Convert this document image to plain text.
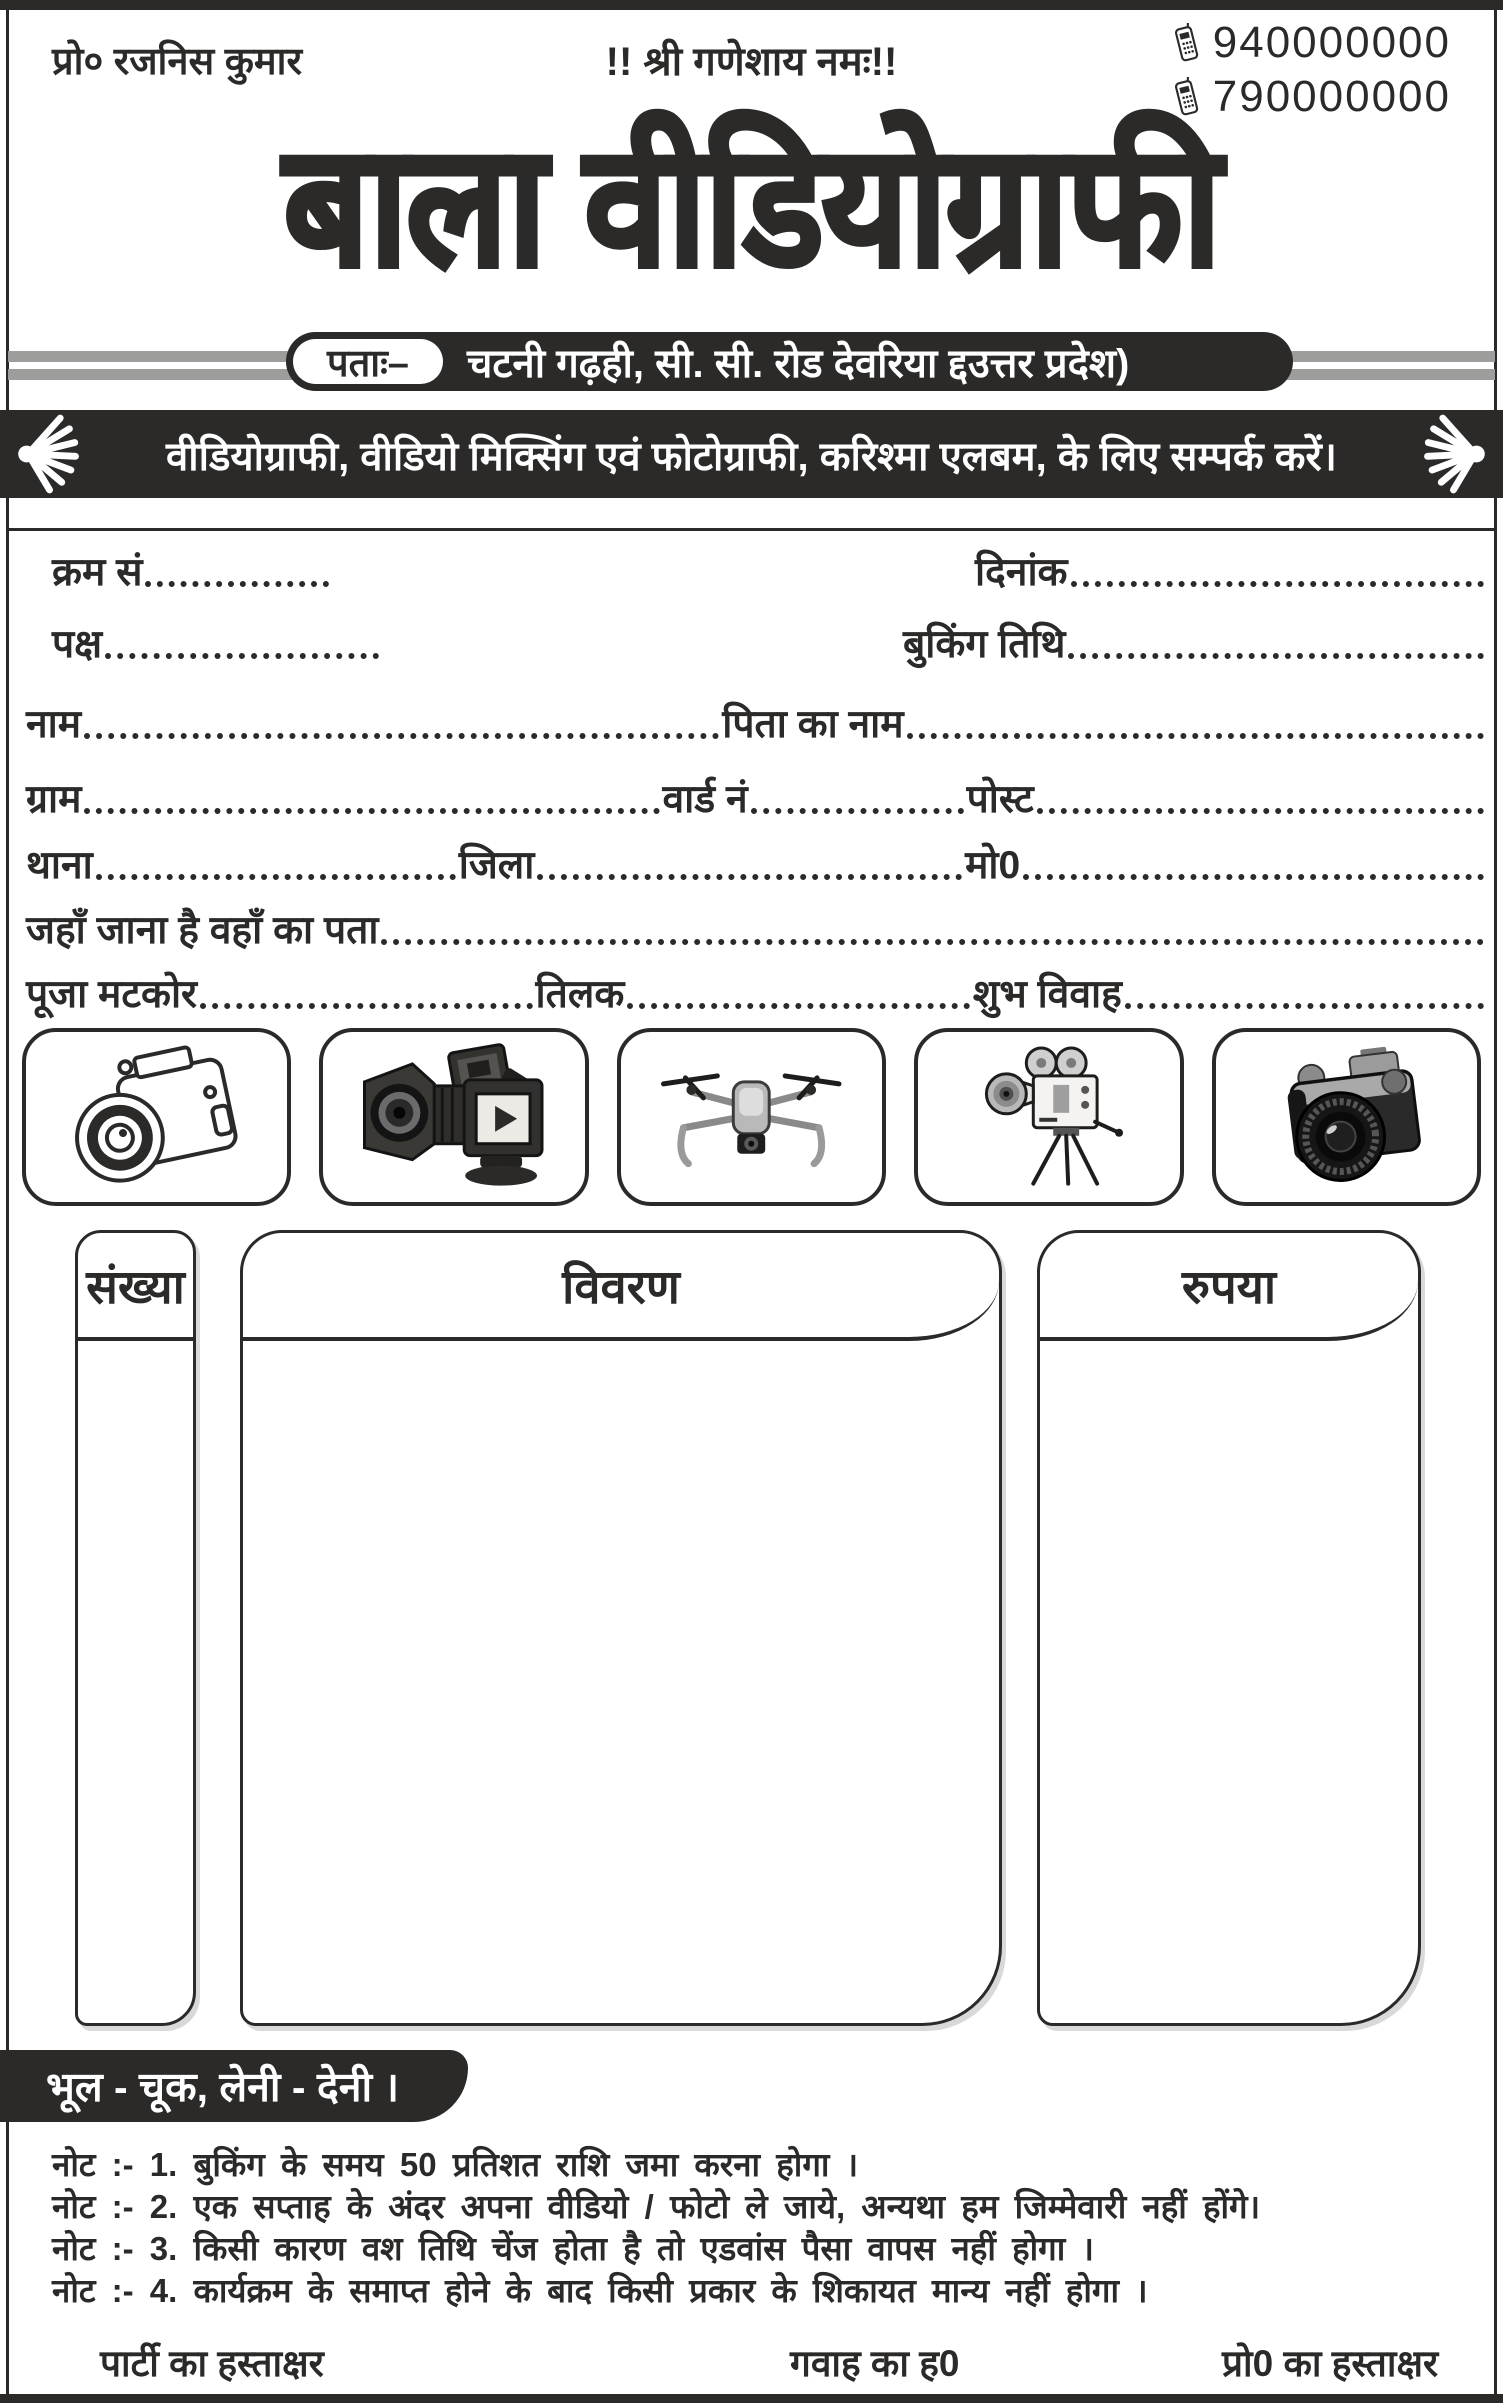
प्रो० रजनिस कुमार	!! श्री गणेशाय नमः!!	940000000
790000000
बाला वीडियोग्राफी
पताः–	चटनी गढ़ही, सी. सी. रोड देवरिया द्दउत्तर प्रदेश)
वीडियोग्राफी, वीडियो मिक्सिंग एवं फोटोग्राफी, करिश्मा एलबम, के लिए सम्पर्क करें।
क्रम सं	दिनांक
पक्ष	बुकिंग तिथि
नाम	पिता का नाम
ग्राम	वार्ड नं	पोस्ट
थाना	जिला	मो0
जहाँ जाना है वहाँ का पता
पूजा मटकोर	तिलक	शुभ विवाह
संख्या	विवरण	रुपया
भूल - चूक, लेनी - देनी ।
नोट :- 1. बुकिंग के समय 50 प्रतिशत राशि जमा करना होगा ।
नोट :- 2. एक सप्ताह के अंदर अपना वीडियो / फोटो ले जाये, अन्यथा हम जिम्मेवारी नहीं होंगे।
नोट :- 3. किसी कारण वश तिथि चेंज होता है तो एडवांस पैसा वापस नहीं होगा ।
नोट :- 4. कार्यक्रम के समाप्त होने के बाद किसी प्रकार के शिकायत मान्य नहीं होगा ।
पार्टी का हस्ताक्षर	गवाह का ह0	प्रो0 का हस्ताक्षर
